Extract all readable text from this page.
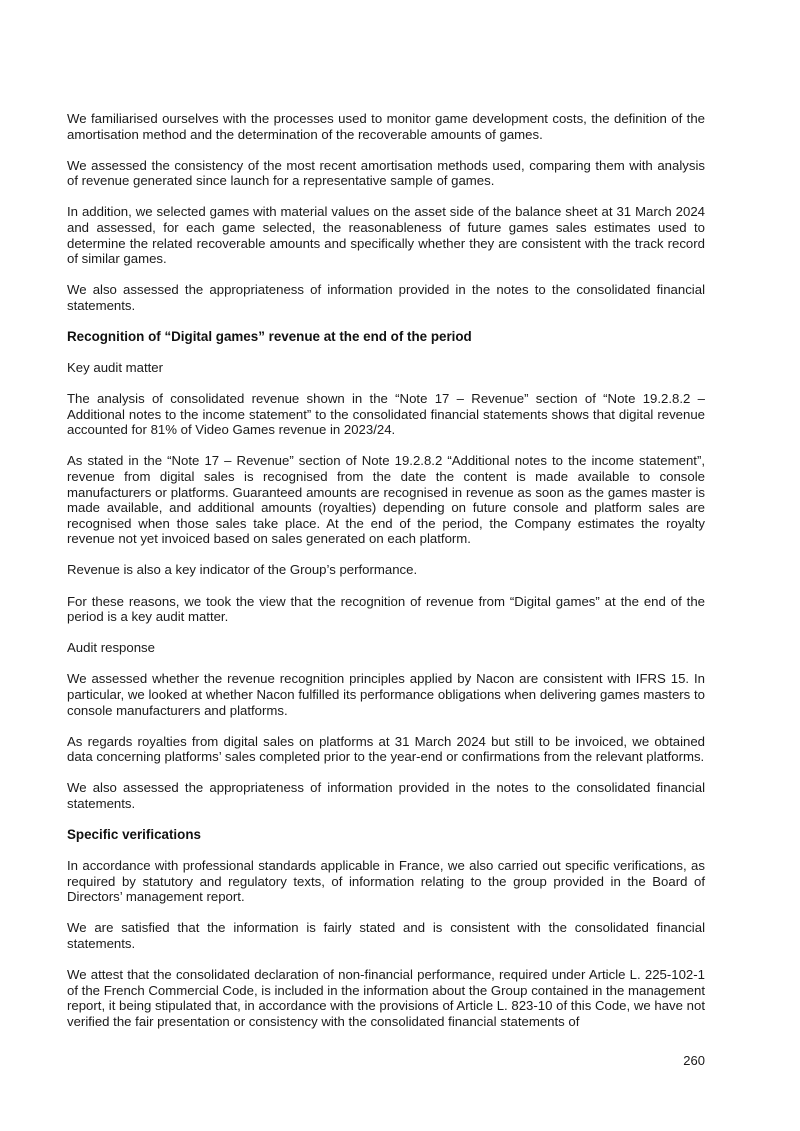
We familiarised ourselves with the processes used to monitor game development costs, the definition of the amortisation method and the determination of the recoverable amounts of games.

We assessed the consistency of the most recent amortisation methods used, comparing them with analysis of revenue generated since launch for a representative sample of games.

In addition, we selected games with material values on the asset side of the balance sheet at 31 March 2024 and assessed, for each game selected, the reasonableness of future games sales estimates used to determine the related recoverable amounts and specifically whether they are consistent with the track record of similar games.

We also assessed the appropriateness of information provided in the notes to the consolidated financial statements.

Recognition of “Digital games” revenue at the end of the period

Key audit matter

The analysis of consolidated revenue shown in the “Note 17 – Revenue” section of “Note 19.2.8.2 – Additional notes to the income statement” to the consolidated financial statements shows that digital revenue accounted for 81% of Video Games revenue in 2023/24.

As stated in the “Note 17 – Revenue” section of Note 19.2.8.2 “Additional notes to the income statement”, revenue from digital sales is recognised from the date the content is made available to console manufacturers or platforms. Guaranteed amounts are recognised in revenue as soon as the games master is made available, and additional amounts (royalties) depending on future console and platform sales are recognised when those sales take place. At the end of the period, the Company estimates the royalty revenue not yet invoiced based on sales generated on each platform.

Revenue is also a key indicator of the Group’s performance.

For these reasons, we took the view that the recognition of revenue from “Digital games” at the end of the period is a key audit matter.

Audit response

We assessed whether the revenue recognition principles applied by Nacon are consistent with IFRS 15. In particular, we looked at whether Nacon fulfilled its performance obligations when delivering games masters to console manufacturers and platforms.

As regards royalties from digital sales on platforms at 31 March 2024 but still to be invoiced, we obtained data concerning platforms’ sales completed prior to the year-end or confirmations from the relevant platforms.

We also assessed the appropriateness of information provided in the notes to the consolidated financial statements.

Specific verifications

In accordance with professional standards applicable in France, we also carried out specific verifications, as required by statutory and regulatory texts, of information relating to the group provided in the Board of Directors’ management report.

We are satisfied that the information is fairly stated and is consistent with the consolidated financial statements.

We attest that the consolidated declaration of non-financial performance, required under Article L. 225-102-1 of the French Commercial Code, is included in the information about the Group contained in the management report, it being stipulated that, in accordance with the provisions of Article L. 823-10 of this Code, we have not verified the fair presentation or consistency with the consolidated financial statements of

260
